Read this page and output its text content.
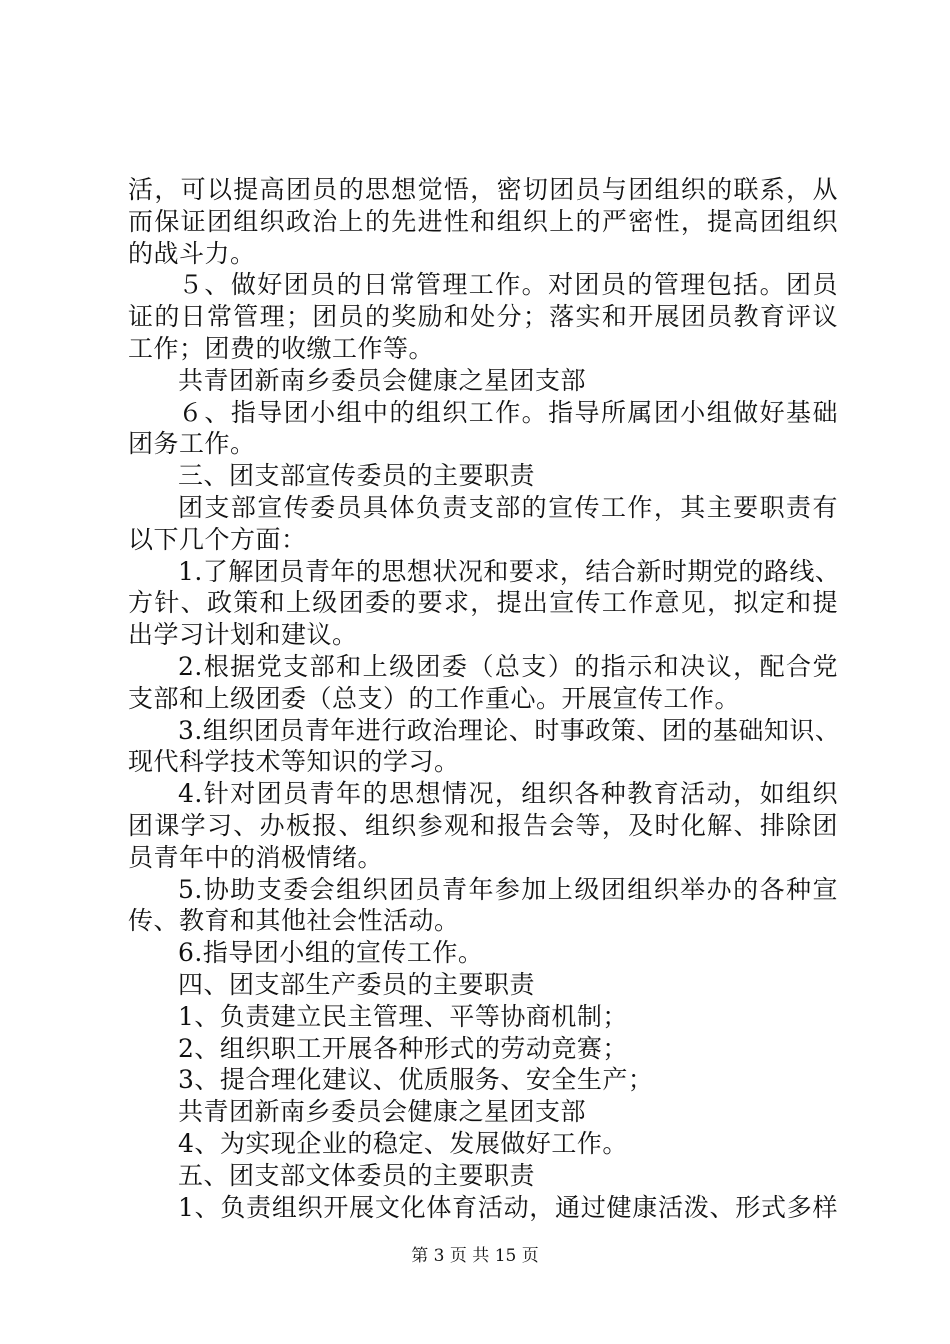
活，可以提高团员的思想觉悟，密切团员与团组织的联系，从
而保证团组织政治上的先进性和组织上的严密性，提高团组织
的战斗力。
５、做好团员的日常管理工作。对团员的管理包括。团员
证的日常管理；团员的奖励和处分；落实和开展团员教育评议
工作；团费的收缴工作等。
共青团新南乡委员会健康之星团支部
６、指导团小组中的组织工作。指导所属团小组做好基础
团务工作。
三、团支部宣传委员的主要职责
团支部宣传委员具体负责支部的宣传工作，其主要职责有
以下几个方面：
1.了解团员青年的思想状况和要求，结合新时期党的路线、
方针、政策和上级团委的要求，提出宣传工作意见，拟定和提
出学习计划和建议。
2.根据党支部和上级团委（总支）的指示和决议，配合党
支部和上级团委（总支）的工作重心。开展宣传工作。
3.组织团员青年进行政治理论、时事政策、团的基础知识、
现代科学技术等知识的学习。
4.针对团员青年的思想情况，组织各种教育活动，如组织
团课学习、办板报、组织参观和报告会等，及时化解、排除团
员青年中的消极情绪。
5.协助支委会组织团员青年参加上级团组织举办的各种宣
传、教育和其他社会性活动。
6.指导团小组的宣传工作。
四、团支部生产委员的主要职责
1、负责建立民主管理、平等协商机制；
2、组织职工开展各种形式的劳动竞赛；
3、提合理化建议、优质服务、安全生产；
共青团新南乡委员会健康之星团支部
4、为实现企业的稳定、发展做好工作。
五、团支部文体委员的主要职责
1、负责组织开展文化体育活动，通过健康活泼、形式多样
第 3 页 共 15 页
